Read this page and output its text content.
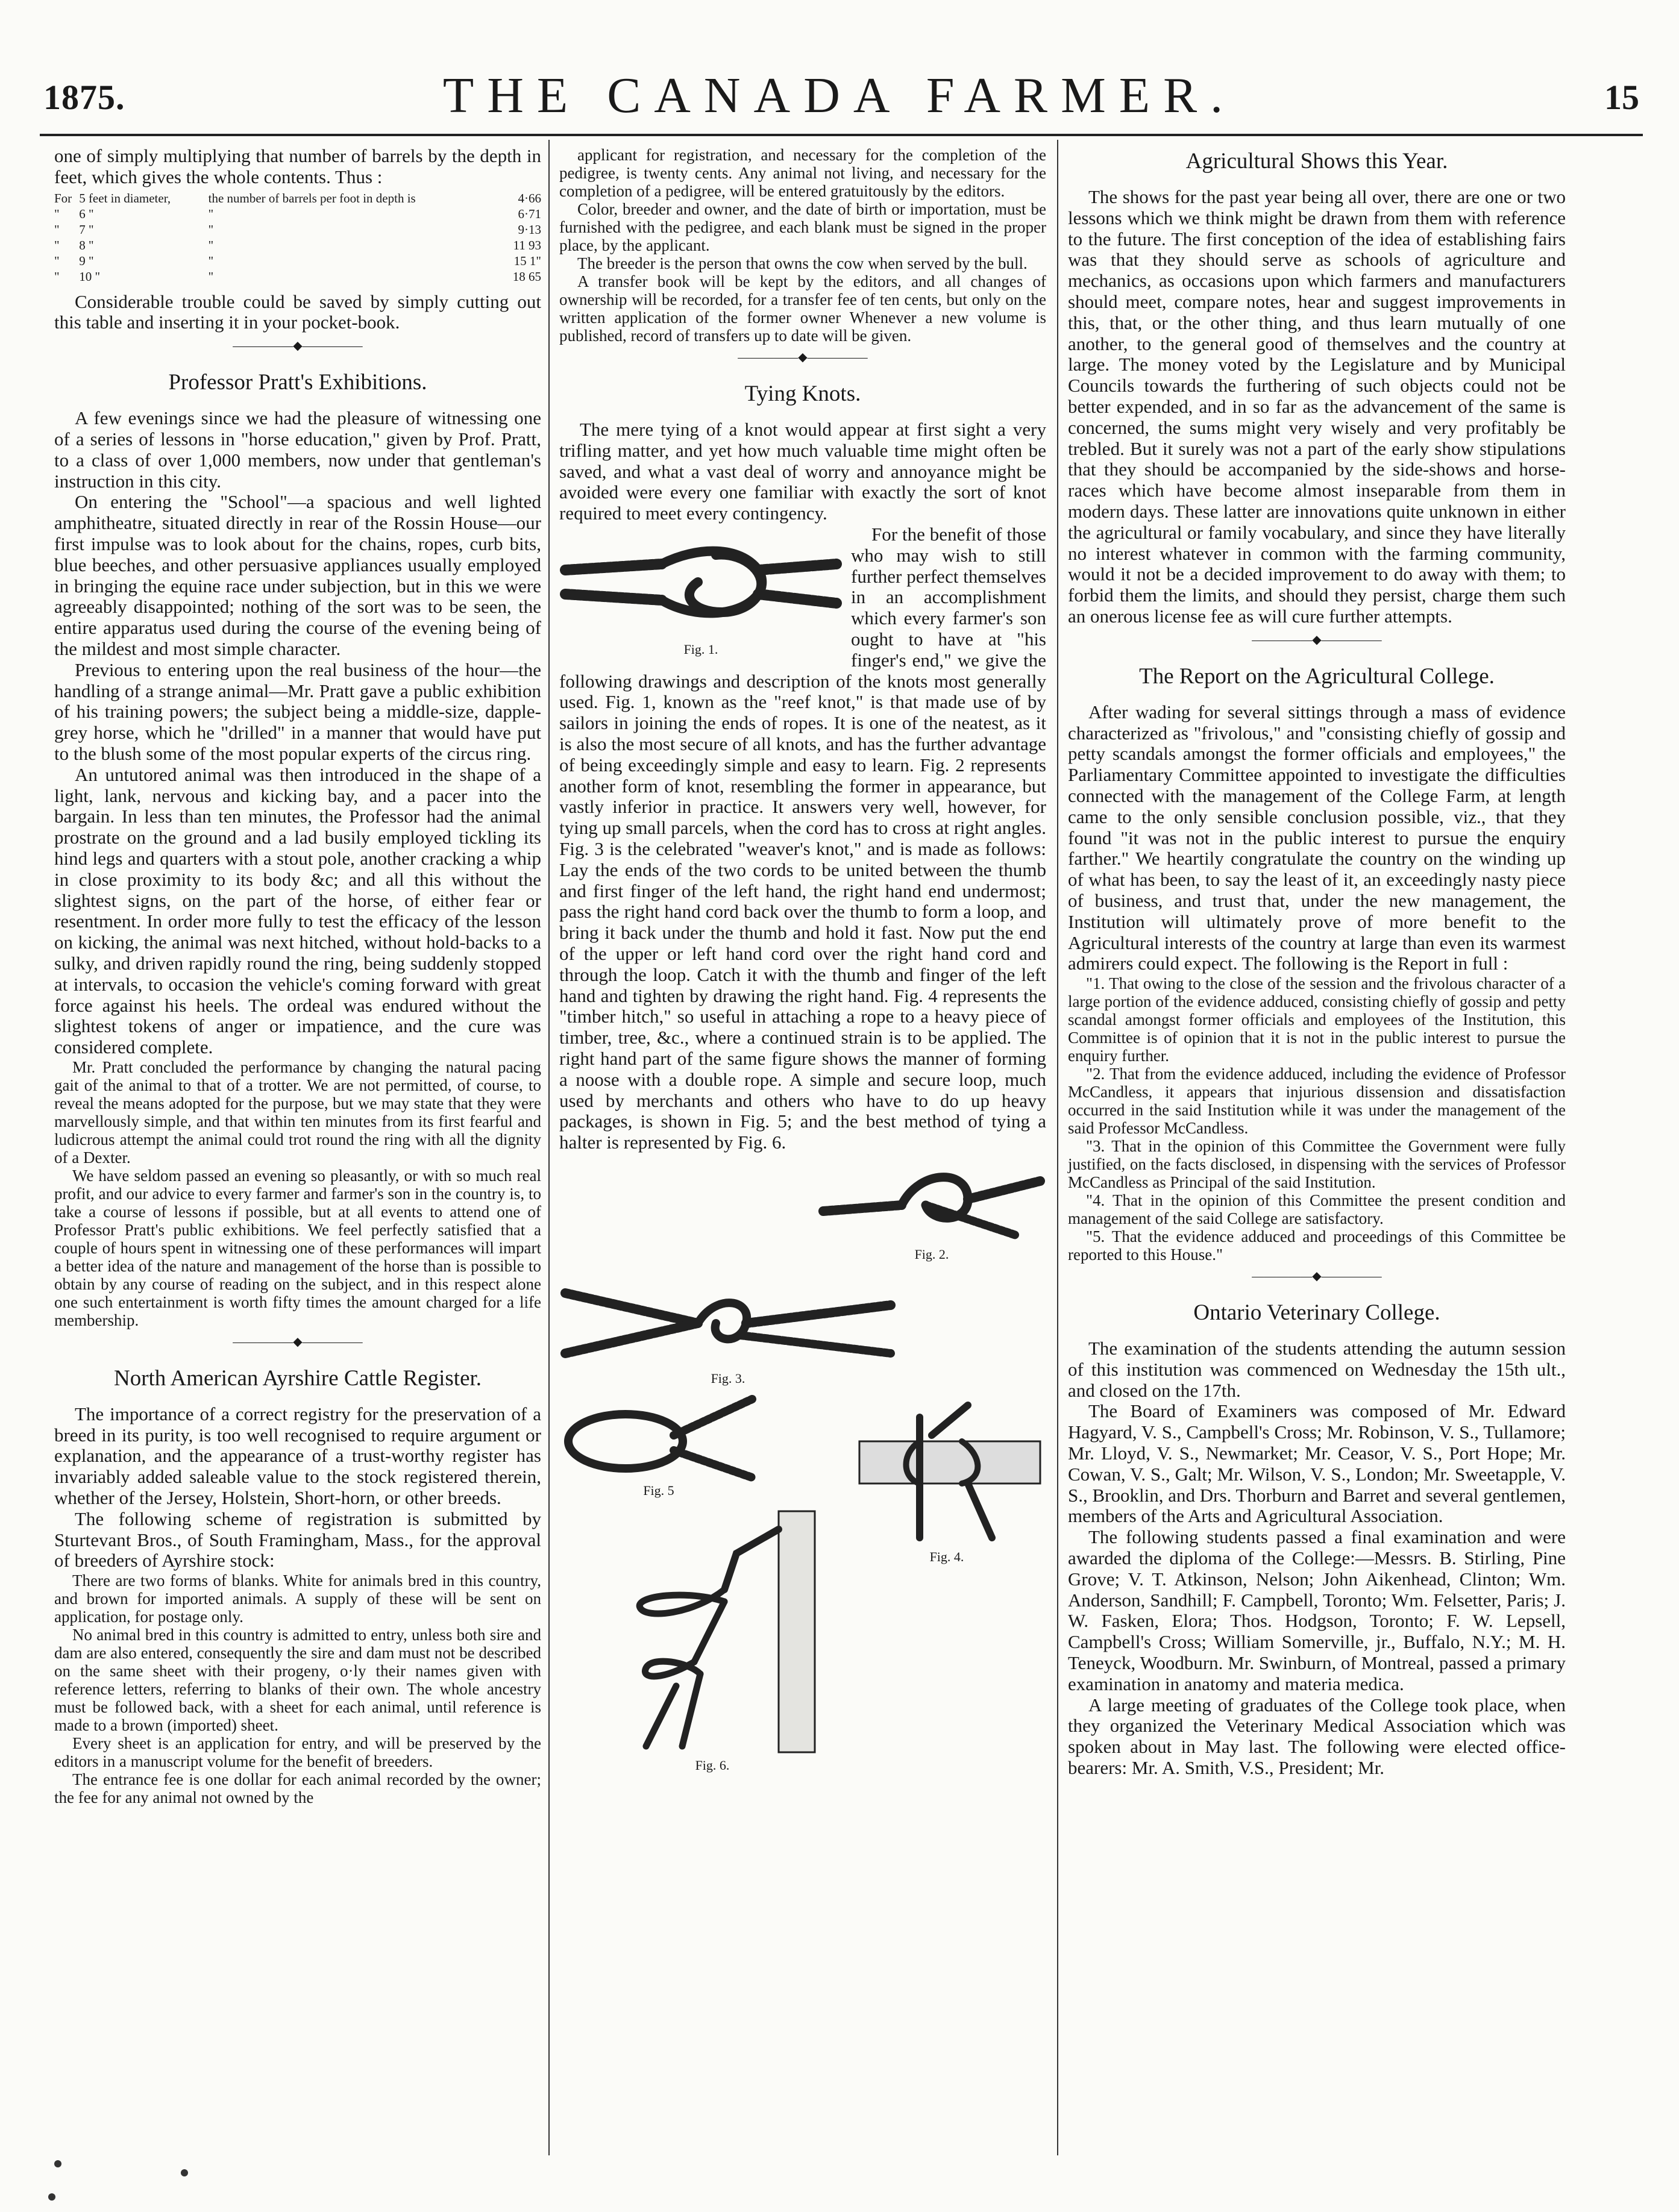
1875.	THE CANADA FARMER.	15

one of simply multiplying that number of barrels by the depth in feet, which gives the whole contents. Thus :

For	5 feet in diameter,	the number of barrels per foot in depth is	4·66
"	6 "	"	6·71
"	7 "	"	9·13
"	8 "	"	11 93
"	9 "	"	15 1"
"	10 "	"	18 65

Considerable trouble could be saved by simply cutting out this table and inserting it in your pocket-book.

—————◆—————
Professor Pratt's Exhibitions.

A few evenings since we had the pleasure of witnessing one of a series of lessons in "horse education," given by Prof. Pratt, to a class of over 1,000 members, now under that gentleman's instruction in this city.

On entering the "School"—a spacious and well lighted amphitheatre, situated directly in rear of the Rossin House—our first impulse was to look about for the chains, ropes, curb bits, blue beeches, and other persuasive appliances usually employed in bringing the equine race under subjection, but in this we were agreeably disappointed; nothing of the sort was to be seen, the entire apparatus used during the course of the evening being of the mildest and most simple character.

Previous to entering upon the real business of the hour—the handling of a strange animal—Mr. Pratt gave a public exhibition of his training powers; the subject being a middle-size, dapple-grey horse, which he "drilled" in a manner that would have put to the blush some of the most popular experts of the circus ring.

An untutored animal was then introduced in the shape of a light, lank, nervous and kicking bay, and a pacer into the bargain. In less than ten minutes, the Professor had the animal prostrate on the ground and a lad busily employed tickling its hind legs and quarters with a stout pole, another cracking a whip in close proximity to its body &c; and all this without the slightest signs, on the part of the horse, of either fear or resentment. In order more fully to test the efficacy of the lesson on kicking, the animal was next hitched, without hold-backs to a sulky, and driven rapidly round the ring, being suddenly stopped at intervals, to occasion the vehicle's coming forward with great force against his heels. The ordeal was endured without the slightest tokens of anger or impatience, and the cure was considered complete.

Mr. Pratt concluded the performance by changing the natural pacing gait of the animal to that of a trotter. We are not permitted, of course, to reveal the means adopted for the purpose, but we may state that they were marvellously simple, and that within ten minutes from its first fearful and ludicrous attempt the animal could trot round the ring with all the dignity of a Dexter.

We have seldom passed an evening so pleasantly, or with so much real profit, and our advice to every farmer and farmer's son in the country is, to take a course of lessons if possible, but at all events to attend one of Professor Pratt's public exhibitions. We feel perfectly satisfied that a couple of hours spent in witnessing one of these performances will impart a better idea of the nature and management of the horse than is possible to obtain by any course of reading on the subject, and in this respect alone one such entertainment is worth fifty times the amount charged for a life membership.

—————◆—————
North American Ayrshire Cattle Register.

The importance of a correct registry for the preservation of a breed in its purity, is too well recognised to require argument or explanation, and the appearance of a trust-worthy register has invariably added saleable value to the stock registered therein, whether of the Jersey, Holstein, Short-horn, or other breeds.

The following scheme of registration is submitted by Sturtevant Bros., of South Framingham, Mass., for the approval of breeders of Ayrshire stock:

There are two forms of blanks. White for animals bred in this country, and brown for imported animals. A supply of these will be sent on application, for postage only.

No animal bred in this country is admitted to entry, unless both sire and dam are also entered, consequently the sire and dam must not be described on the same sheet with their progeny, o·ly their names given with reference letters, referring to blanks of their own. The whole ancestry must be followed back, with a sheet for each animal, until reference is made to a brown (imported) sheet.

Every sheet is an application for entry, and will be preserved by the editors in a manuscript volume for the benefit of breeders.

The entrance fee is one dollar for each animal recorded by the owner; the fee for any animal not owned by the

applicant for registration, and necessary for the completion of the pedigree, is twenty cents. Any animal not living, and necessary for the completion of a pedigree, will be entered gratuitously by the editors.

Color, breeder and owner, and the date of birth or importation, must be furnished with the pedigree, and each blank must be signed in the proper place, by the applicant.

The breeder is the person that owns the cow when served by the bull.

A transfer book will be kept by the editors, and all changes of ownership will be recorded, for a transfer fee of ten cents, but only on the written application of the former owner Whenever a new volume is published, record of transfers up to date will be given.

—————◆—————
Tying Knots.

The mere tying of a knot would appear at first sight a very trifling matter, and yet how much valuable time might often be saved, and what a vast deal of worry and annoyance might be avoided were every one familiar with exactly the sort of knot required to meet every contingency.

Fig. 1.

For the benefit of those who may wish to still further perfect themselves in an accomplishment which every farmer's son ought to have at "his finger's end," we give the following drawings and description of the knots most generally used. Fig. 1, known as the "reef knot," is that made use of by sailors in joining the ends of ropes. It is one of the neatest, as it is also the most secure of all knots, and has the further advantage of being exceedingly simple and easy to learn. Fig. 2 represents another form of knot, resembling the former in appearance, but vastly inferior in practice. It answers very well, however, for tying up small parcels, when the cord has to cross at right angles. Fig. 3 is the celebrated "weaver's knot," and is made as follows: Lay the ends of the two cords to be united between the thumb and first finger of the left hand, the right hand end undermost; pass the right hand cord back over the thumb to form a loop, and bring it back under the thumb and hold it fast. Now put the end of the upper or left hand cord over the right hand cord and through the loop. Catch it with the thumb and finger of the left hand and tighten by drawing the right hand. Fig. 4 represents the "timber hitch," so useful in attaching a rope to a heavy piece of timber, tree, &c., where a continued strain is to be applied. The right hand part of the same figure shows the manner of forming a noose with a double rope. A simple and secure loop, much used by merchants and others who have to do up heavy packages, is shown in Fig. 5; and the best method of tying a halter is represented by Fig. 6.

Fig. 2.
Fig. 3.
Fig. 4.
Fig. 5
Fig. 6.
Agricultural Shows this Year.

The shows for the past year being all over, there are one or two lessons which we think might be drawn from them with reference to the future. The first conception of the idea of establishing fairs was that they should serve as schools of agriculture and mechanics, as occasions upon which farmers and manufacturers should meet, compare notes, hear and suggest improvements in this, that, or the other thing, and thus learn mutually of one another, to the general good of themselves and the country at large. The money voted by the Legislature and by Municipal Councils towards the furthering of such objects could not be better expended, and in so far as the advancement of the same is concerned, the sums might very wisely and very profitably be trebled. But it surely was not a part of the early show stipulations that they should be accompanied by the side-shows and horse-races which have become almost inseparable from them in modern days. These latter are innovations quite unknown in either the agricultural or family vocabulary, and since they have literally no interest whatever in common with the farming community, would it not be a decided improvement to do away with them; to forbid them the limits, and should they persist, charge them such an onerous license fee as will cure further attempts.

—————◆—————
The Report on the Agricultural College.

After wading for several sittings through a mass of evidence characterized as "frivolous," and "consisting chiefly of gossip and petty scandals amongst the former officials and employees," the Parliamentary Committee appointed to investigate the difficulties connected with the management of the College Farm, at length came to the only sensible conclusion possible, viz., that they found "it was not in the public interest to pursue the enquiry farther." We heartily congratulate the country on the winding up of what has been, to say the least of it, an exceedingly nasty piece of business, and trust that, under the new management, the Institution will ultimately prove of more benefit to the Agricultural interests of the country at large than even its warmest admirers could expect. The following is the Report in full :

"1. That owing to the close of the session and the frivolous character of a large portion of the evidence adduced, consisting chiefly of gossip and petty scandal amongst former officials and employees of the Institution, this Committee is of opinion that it is not in the public interest to pursue the enquiry further.

"2. That from the evidence adduced, including the evidence of Professor McCandless, it appears that injurious dissension and dissatisfaction occurred in the said Institution while it was under the management of the said Professor McCandless.

"3. That in the opinion of this Committee the Government were fully justified, on the facts disclosed, in dispensing with the services of Professor McCandless as Principal of the said Institution.

"4. That in the opinion of this Committee the present condition and management of the said College are satisfactory.

"5. That the evidence adduced and proceedings of this Committee be reported to this House."

—————◆—————
Ontario Veterinary College.

The examination of the students attending the autumn session of this institution was commenced on Wednesday the 15th ult., and closed on the 17th.

The Board of Examiners was composed of Mr. Edward Hagyard, V. S., Campbell's Cross; Mr. Robinson, V. S., Tullamore; Mr. Lloyd, V. S., Newmarket; Mr. Ceasor, V. S., Port Hope; Mr. Cowan, V. S., Galt; Mr. Wilson, V. S., London; Mr. Sweetapple, V. S., Brooklin, and Drs. Thorburn and Barret and several gentlemen, members of the Arts and Agricultural Association.

The following students passed a final examination and were awarded the diploma of the College:—Messrs. B. Stirling, Pine Grove; V. T. Atkinson, Nelson; John Aikenhead, Clinton; Wm. Anderson, Sandhill; F. Campbell, Toronto; Wm. Felsetter, Paris; J. W. Fasken, Elora; Thos. Hodgson, Toronto; F. W. Lepsell, Campbell's Cross; William Somerville, jr., Buffalo, N.Y.; M. H. Teneyck, Woodburn. Mr. Swinburn, of Montreal, passed a primary examination in anatomy and materia medica.

A large meeting of graduates of the College took place, when they organized the Veterinary Medical Association which was spoken about in May last. The following were elected office-bearers: Mr. A. Smith, V.S., President; Mr.
